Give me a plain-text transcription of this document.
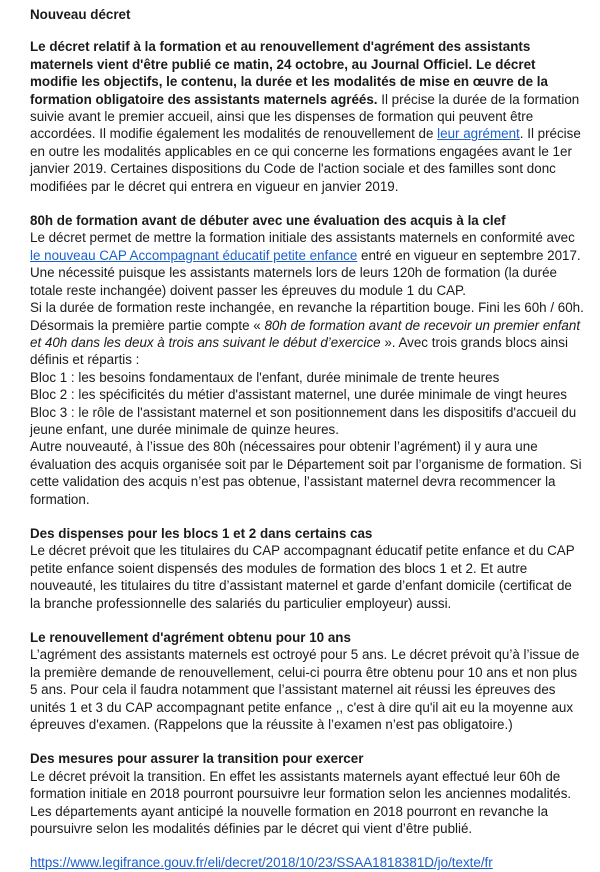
Nouveau décret

Le décret relatif à la formation et au renouvellement d'agrément des assistants maternels vient d'être publié ce matin, 24 octobre, au Journal Officiel. Le décret modifie les objectifs, le contenu, la durée et les modalités de mise en œuvre de la formation obligatoire des assistants maternels agréés. Il précise la durée de la formation suivie avant le premier accueil, ainsi que les dispenses de formation qui peuvent être accordées. Il modifie également les modalités de renouvellement de leur agrément. Il précise en outre les modalités applicables en ce qui concerne les formations engagées avant le 1er janvier 2019. Certaines dispositions du Code de l'action sociale et des familles sont donc modifiées par le décret qui entrera en vigueur en janvier 2019.

80h de formation avant de débuter avec une évaluation des acquis à la clef

Le décret permet de mettre la formation initiale des assistants maternels en conformité avec le nouveau CAP Accompagnant éducatif petite enfance entré en vigueur en septembre 2017. Une nécessité puisque les assistants maternels lors de leurs 120h de formation (la durée totale reste inchangée) doivent passer les épreuves du module 1 du CAP.

Si la durée de formation reste inchangée, en revanche la répartition bouge. Fini les 60h / 60h.

Désormais la première partie compte « 80h de formation avant de recevoir un premier enfant et 40h dans les deux à trois ans suivant le début d’exercice ». Avec trois grands blocs ainsi définis et répartis :

Bloc 1 : les besoins fondamentaux de l'enfant, durée minimale de trente heures

Bloc 2 : les spécificités du métier d'assistant maternel, une durée minimale de vingt heures

Bloc 3 : le rôle de l'assistant maternel et son positionnement dans les dispositifs d'accueil du jeune enfant, une durée minimale de quinze heures.

Autre nouveauté, à l’issue des 80h (nécessaires pour obtenir l’agrément) il y aura une évaluation des acquis organisée soit par le Département soit par l’organisme de formation. Si cette validation des acquis n’est pas obtenue, l’assistant maternel devra recommencer la formation.

Des dispenses pour les blocs 1 et 2 dans certains cas

Le décret prévoit que les titulaires du CAP accompagnant éducatif petite enfance et du CAP petite enfance soient dispensés des modules de formation des blocs 1 et 2. Et autre nouveauté, les titulaires du titre d’assistant maternel et garde d’enfant domicile (certificat de la branche professionnelle des salariés du particulier employeur) aussi.

Le renouvellement d'agrément obtenu pour 10 ans

L’agrément des assistants maternels est octroyé pour 5 ans. Le décret prévoit qu’à l’issue de la première demande de renouvellement, celui-ci pourra être obtenu pour 10 ans et non plus 5 ans. Pour cela il faudra notamment que l’assistant maternel ait réussi les épreuves des unités 1 et 3 du CAP accompagnant petite enfance ,, c'est à dire qu'il ait eu la moyenne aux épreuves d'examen. (Rappelons que la réussite à l’examen n’est pas obligatoire.)

Des mesures pour assurer la transition pour exercer

Le décret prévoit la transition. En effet les assistants maternels ayant effectué leur 60h de formation initiale en 2018 pourront poursuivre leur formation selon les anciennes modalités. Les départements ayant anticipé la nouvelle formation en 2018 pourront en revanche la poursuivre selon les modalités définies par le décret qui vient d’être publié.

https://www.legifrance.gouv.fr/eli/decret/2018/10/23/SSAA1818381D/jo/texte/fr
